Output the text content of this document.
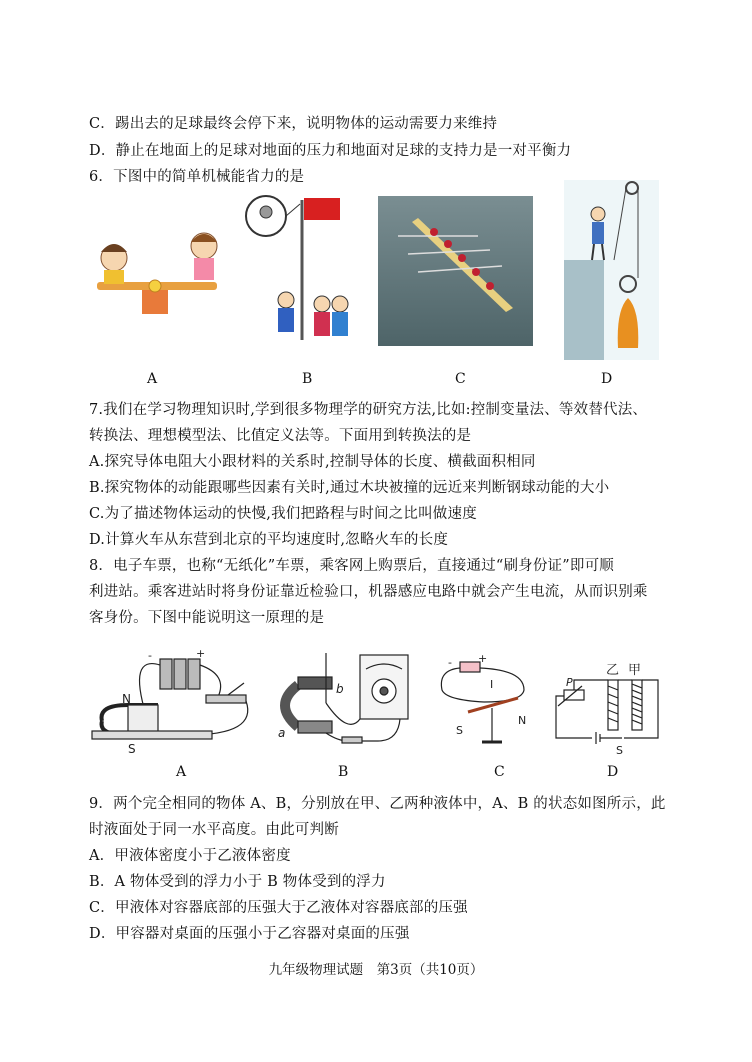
C．踢出去的足球最终会停下来，说明物体的运动需要力来维持
D．静止在地面上的足球对地面的压力和地面对足球的支持力是一对平衡力
6．下图中的简单机械能省力的是
A	B	C	D
7.我们在学习物理知识时,学到很多物理学的研究方法,比如:控制变量法、等效替代法、
转换法、理想模型法、比值定义法等。下面用到转换法的是
A.探究导体电阻大小跟材料的关系时,控制导体的长度、横截面积相同
B.探究物体的动能跟哪些因素有关时,通过木块被撞的远近来判断钢球动能的大小
C.为了描述物体运动的快慢,我们把路程与时间之比叫做速度
D.计算火车从东营到北京的平均速度时,忽略火车的长度
8．电子车票，也称“无纸化”车票，乘客网上购票后，直接通过“刷身份证”即可顺
利进站。乘客进站时将身份证靠近检验口，机器感应电路中就会产生电流，从而识别乘
客身份。下图中能说明这一原理的是
-	+
N
S
a
b
- +
I
S
N
P
乙 甲
S
A	B	C	D
9．两个完全相同的物体 A、B，分别放在甲、乙两种液体中，A、B 的状态如图所示，此
时液面处于同一水平高度。由此可判断
A．甲液体密度小于乙液体密度
B．A 物体受到的浮力小于 B 物体受到的浮力
C．甲液体对容器底部的压强大于乙液体对容器底部的压强
D．甲容器对桌面的压强小于乙容器对桌面的压强
九年级物理试题　第3页（共10页）
